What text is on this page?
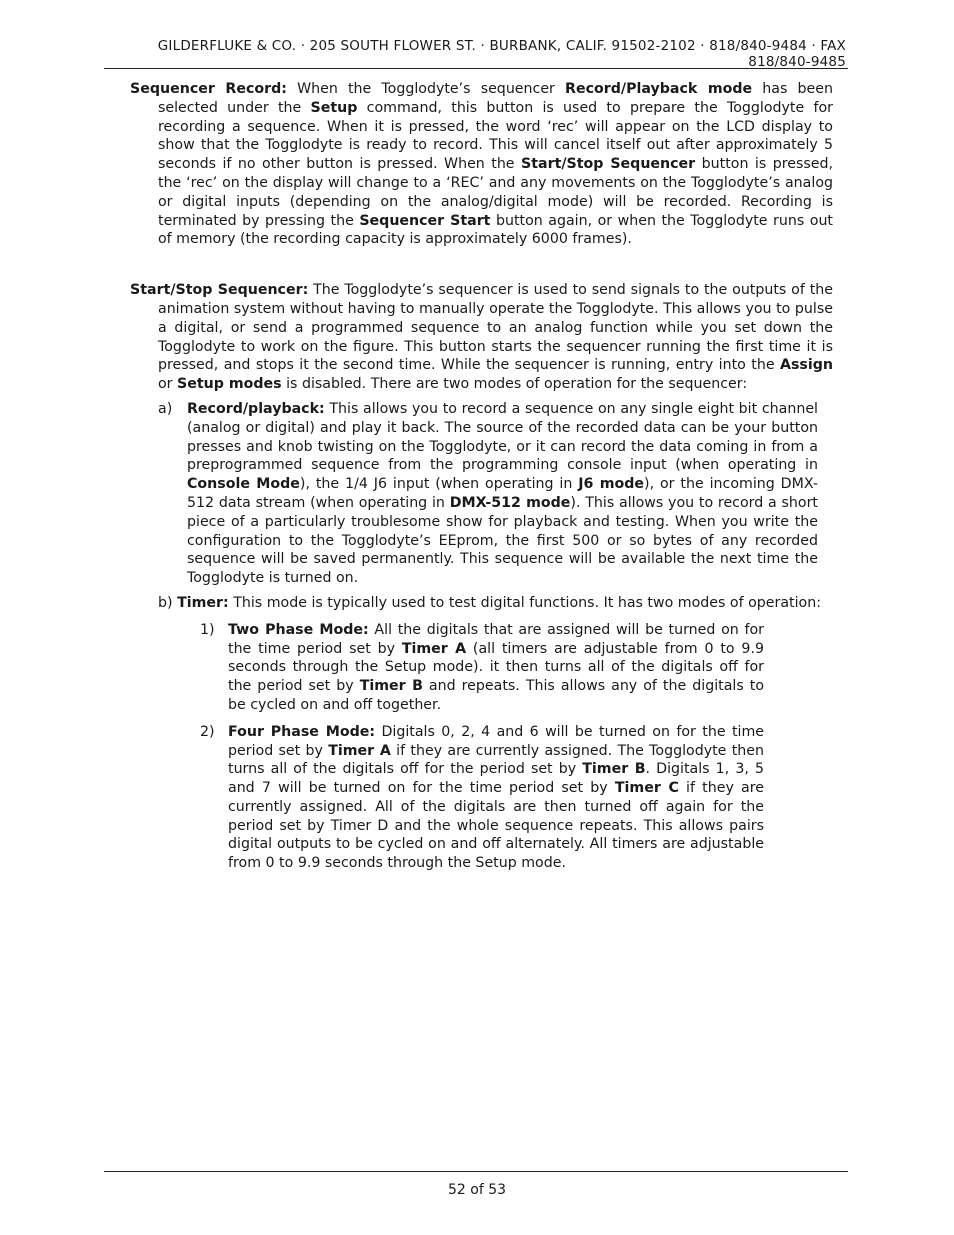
GILDERFLUKE & CO. · 205 SOUTH FLOWER ST. · BURBANK, CALIF. 91502-2102 · 818/840-9484 · FAX 818/840-9485

Sequencer Record: When the Togglodyte’s sequencer Record/Playback mode has been selected under the Setup command, this button is used to prepare the Togglodyte for recording a sequence. When it is pressed, the word ‘rec’ will appear on the LCD display to show that the Togglodyte is ready to record. This will cancel itself out after approximately 5 seconds if no other button is pressed. When the Start/Stop Sequencer button is pressed, the ‘rec’ on the display will change to a ‘REC’ and any movements on the Togglodyte’s analog or digital inputs (depending on the analog/digital mode) will be recorded. Recording is terminated by pressing the Sequencer Start button again, or when the Togglodyte runs out of memory (the recording capacity is approximately 6000 frames).

Start/Stop Sequencer: The Togglodyte’s sequencer is used to send signals to the outputs of the animation system without having to manually operate the Togglodyte. This allows you to pulse a digital, or send a programmed sequence to an analog function while you set down the Togglodyte to work on the figure. This button starts the sequencer running the first time it is pressed, and stops it the second time. While the sequencer is running, entry into the Assign or Setup modes is disabled. There are two modes of operation for the sequencer:

a) Record/playback: This allows you to record a sequence on any single eight bit channel (analog or digital) and play it back. The source of the recorded data can be your button presses and knob twisting on the Togglodyte, or it can record the data coming in from a preprogrammed sequence from the programming console input (when operating in Console Mode), the 1/4 J6 input (when operating in J6 mode), or the incoming DMX-512 data stream (when operating in DMX-512 mode). This allows you to record a short piece of a particularly troublesome show for playback and testing. When you write the configuration to the Togglodyte’s EEprom, the first 500 or so bytes of any recorded sequence will be saved permanently. This sequence will be available the next time the Togglodyte is turned on.
b) Timer: This mode is typically used to test digital functions. It has two modes of operation:
1) Two Phase Mode: All the digitals that are assigned will be turned on for the time period set by Timer A (all timers are adjustable from 0 to 9.9 seconds through the Setup mode). it then turns all of the digitals off for the period set by Timer B and repeats. This allows any of the digitals to be cycled on and off together.
2) Four Phase Mode: Digitals 0, 2, 4 and 6 will be turned on for the time period set by Timer A if they are currently assigned. The Togglodyte then turns all of the digitals off for the period set by Timer B. Digitals 1, 3, 5 and 7 will be turned on for the time period set by Timer C if they are currently assigned. All of the digitals are then turned off again for the period set by Timer D and the whole sequence repeats. This allows pairs digital outputs to be cycled on and off alternately. All timers are adjustable from 0 to 9.9 seconds through the Setup mode.
52 of 53
